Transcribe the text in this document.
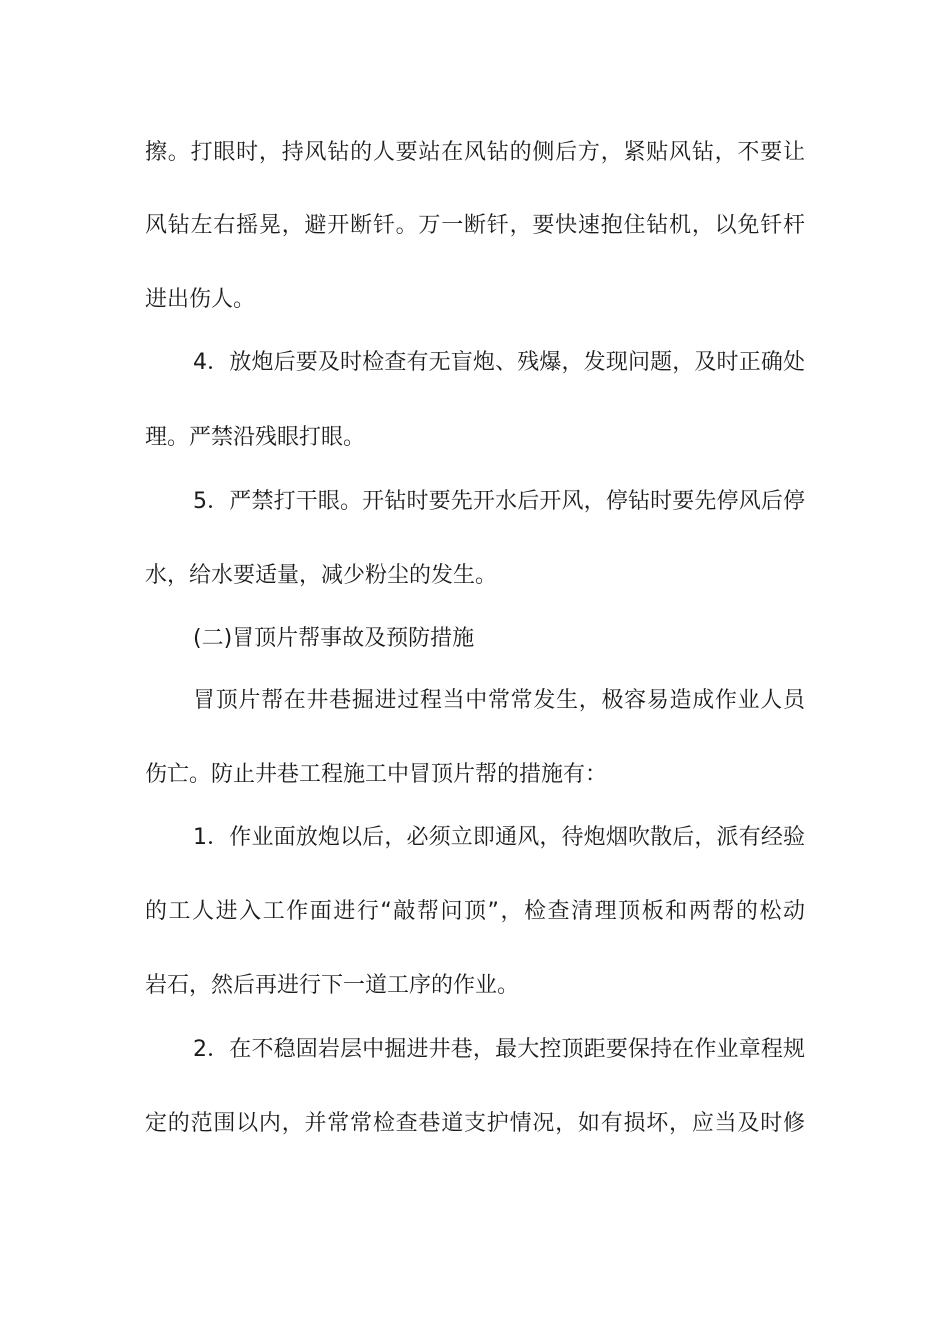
擦。打眼时，持风钻的人要站在风钻的侧后方，紧贴风钻，不要让
风钻左右摇晃，避开断钎。万一断钎，要快速抱住钻机，以免钎杆
进出伤人。
4．放炮后要及时检查有无盲炮、残爆，发现问题，及时正确处
理。严禁沿残眼打眼。
5．严禁打干眼。开钻时要先开水后开风，停钻时要先停风后停
水，给水要适量，减少粉尘的发生。
(二)冒顶片帮事故及预防措施
冒顶片帮在井巷掘进过程当中常常发生，极容易造成作业人员
伤亡。防止井巷工程施工中冒顶片帮的措施有：
1．作业面放炮以后，必须立即通风，待炮烟吹散后，派有经验
的工人进入工作面进行“敲帮问顶”，检查清理顶板和两帮的松动
岩石，然后再进行下一道工序的作业。
2．在不稳固岩层中掘进井巷，最大控顶距要保持在作业章程规
定的范围以内，并常常检查巷道支护情况，如有损坏，应当及时修
